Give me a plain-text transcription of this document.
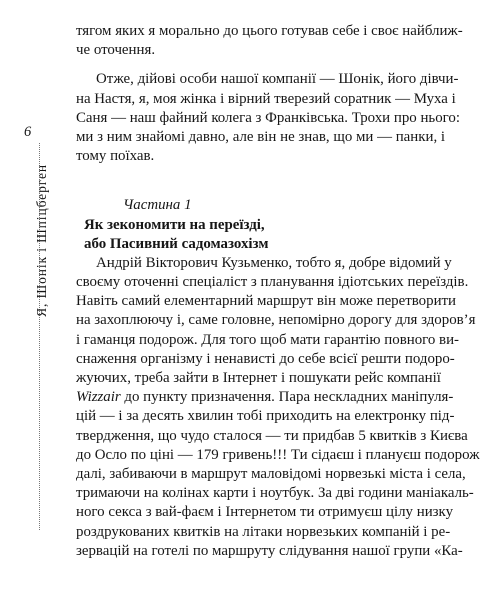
6
Я, Шонік і Шпіцберген
тягом яких я морально до цього готував себе і своє найближ-
че оточення.
Отже, дійові особи нашої компанії — Шонік, його дівчи-
на Настя, я, моя жінка і вірний тверезий соратник — Муха і
Саня — наш файний колега з Франківська. Трохи про нього:
ми з ним знайомі давно, але він не знав, що ми — панки, і
тому поїхав.
Частина 1
Як зекономити на переїзді,
або Пасивний садомазохізм
Андрій Вікторович Кузьменко, тобто я, добре відомий у
своєму оточенні спеціаліст з планування ідіотських переїздів.
Навіть самий елементарний маршрут він може перетворити
на захоплюючу і, саме головне, непомірно дорогу для здоров’я
і гаманця подорож. Для того щоб мати гарантію повного ви-
снаження організму і ненависті до себе всієї решти подоро-
жуючих, треба зайти в Інтернет і пошукати рейс компанії
Wizzair до пункту призначення. Пара нескладних маніпуля-
цій — і за десять хвилин тобі приходить на електронку під-
твердження, що чудо сталося — ти придбав 5 квитків з Києва
до Осло по ціні — 179 гривень!!! Ти сідаєш і плануєш подорож
далі, забиваючи в маршрут маловідомі норвезькі міста і села,
тримаючи на колінах карти і ноутбук. За дві години маніакаль-
ного секса з вай-фаєм і Інтернетом ти отримуєш цілу низку
роздрукованих квитків на літаки норвезьких компаній і ре-
зервацій на готелі по маршруту слідування нашої групи «Ка-
